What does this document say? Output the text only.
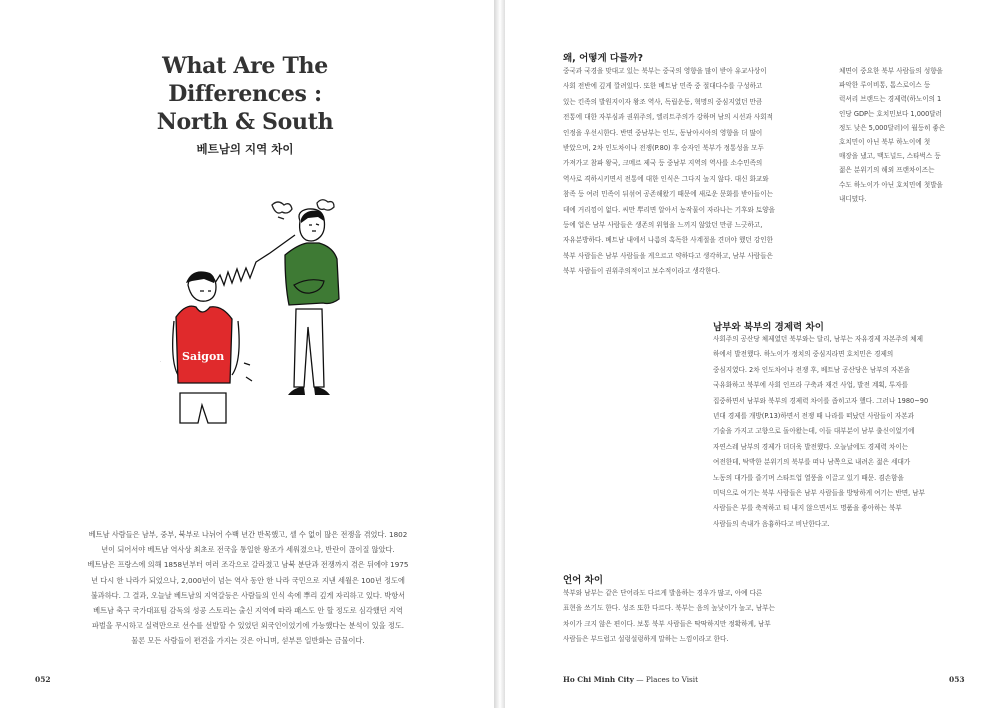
What Are The Differences :
North & South
베트남의 지역 차이
Saigon

베트남 사람들은 남부, 중부, 북부로 나뉘어 수백 년간 반목했고, 셀 수 없이 많은 전쟁을 겪었다. 1802

년이 되어서야 베트남 역사상 최초로 전국을 통일한 왕조가 세워졌으나, 반란이 끊이질 않았다.

베트남은 프랑스에 의해 1858년부터 여러 조각으로 갈라졌고 남북 분단과 전쟁까지 겪은 뒤에야 1975

년 다시 한 나라가 되었으나, 2,000년이 넘는 역사 동안 한 나라 국민으로 지낸 세월은 100년 정도에

불과하다. 그 결과, 오늘날 베트남의 지역갈등은 사람들의 인식 속에 뿌리 깊게 자리하고 있다. 박항서

베트남 축구 국가대표팀 감독의 성공 스토리는 출신 지역에 따라 패스도 안 할 정도로 심각했던 지역

파벌을 무시하고 실력만으로 선수를 선발할 수 있었던 외국인이었기에 가능했다는 분석이 있을 정도.

물론 모든 사람들이 편견을 가지는 것은 아니며, 섣부른 일반화는 금물이다.

052
왜, 어떻게 다를까?
중국과 국경을 맞대고 있는 북부는 중국의 영향을 많이 받아 유교사상이
사회 전반에 깊게 깔려있다. 또한 베트남 민족 중 절대다수를 구성하고
있는 킨족의 발원지이자 왕조 역사, 독립운동, 혁명의 중심지였던 만큼
전통에 대한 자부심과 권위주의, 엘리트주의가 강하며 남의 시선과 사회적
인정을 우선시한다. 반면 중남부는 인도, 동남아시아의 영향을 더 많이
받았으며, 2차 인도차이나 전쟁(P.80) 후 승자인 북부가 정통성을 모두
가져가고 참파 왕국, 크메르 제국 등 중남부 지역의 역사를 소수민족의
역사로 격하시키면서 전통에 대한 인식은 그다지 높지 않다. 대신 화교와
참족 등 여러 민족이 뒤섞여 공존해왔기 때문에 새로운 문화를 받아들이는
데에 거리낌이 없다. 씨만 뿌리면 알아서 농작물이 자라나는 기후와 토양을
등에 업은 남부 사람들은 생존의 위협을 느끼지 않았던 만큼 느긋하고,
자유분방하다. 베트남 내에서 나름의 혹독한 사계절을 견뎌야 했던 강인한
북부 사람들은 남부 사람들을 게으르고 약하다고 생각하고, 남부 사람들은
북부 사람들이 권위주의적이고 보수적이라고 생각한다.
체면이 중요한 북부 사람들의 성향을
파악한 루이비통, 톰스로이스 등
럭셔리 브랜드는 경제력(하노이의 1
인당 GDP는 호치민보다 1,000달러
정도 낮은 5,000달러)이 월등히 좋은
호치민이 아닌 북부 하노이에 첫
매장을 냈고, 맥도널드, 스타벅스 등
젊은 분위기의 해외 프랜차이즈는
수도 하노이가 아닌 호치민에 첫발을
내디뎠다.
남부와 북부의 경제력 차이
사회주의 공산당 체제였던 북부와는 달리, 남부는 자유경제 자본주의 체제
하에서 발전했다. 하노이가 정치의 중심지라면 호치민은 경제의
중심지였다. 2차 인도차이나 전쟁 후, 베트남 공산당은 남부의 자본을
국유화하고 북부에 사회 인프라 구축과 재건 사업, 발전 계획, 투자를
집중하면서 남부와 북부의 경제력 차이를 좁히고자 했다. 그러나 1980~90
년대 경제를 개방(P.13)하면서 전쟁 때 나라를 떠났던 사람들이 자본과
기술을 가지고 고향으로 돌아왔는데, 이들 대부분이 남부 출신이었기에
자연스레 남부의 경제가 더더욱 발전했다. 오늘날에도 경제력 차이는
여전한데, 탁박한 분위기의 북부를 떠나 남쪽으로 내려온 젊은 세대가
노동의 대가를 즐기며 스타트업 열풍을 이끌고 있기 때문. 겸손함을
미덕으로 여기는 북부 사람들은 남부 사람들을 방탕하게 여기는 반면, 남부
사람들은 부를 축적하고 티 내지 않으면서도 명품을 좋아하는 북부
사람들의 속내가 음흉하다고 비난한다고.
언어 차이
북부와 남부는 같은 단어라도 다르게 발음하는 경우가 많고, 아예 다른
표현을 쓰기도 한다. 성조 또한 다르다. 북부는 음의 높낮이가 높고, 남부는
차이가 크지 않은 편이다. 보통 북부 사람들은 딱딱하지만 정확하게, 남부
사람들은 부드럽고 설렁설렁하게 말하는 느낌이라고 한다.
Ho Chi Minh City — Places to Visit	053
